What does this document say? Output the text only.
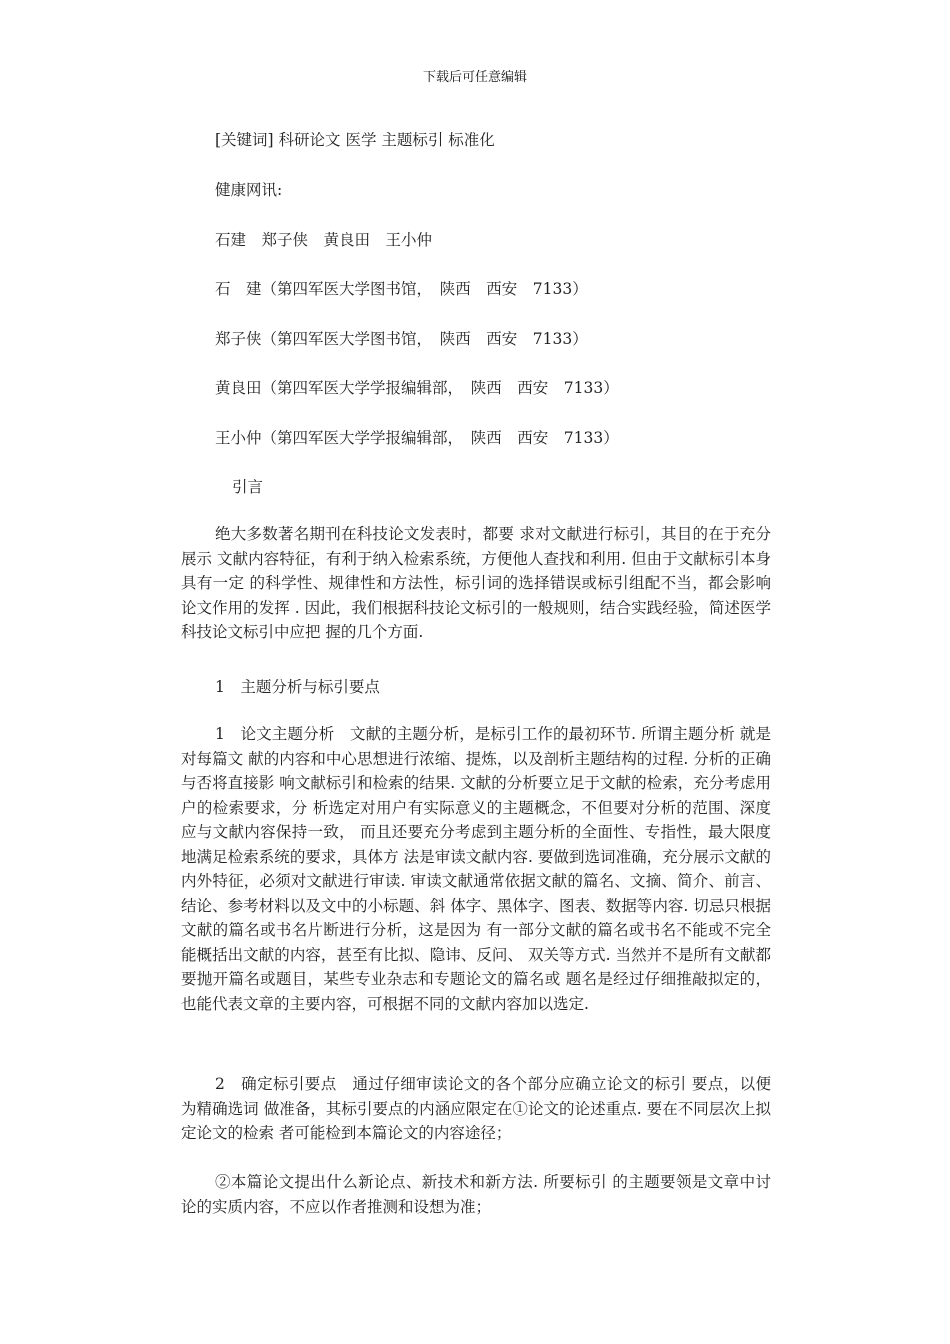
下载后可任意编辑
[关键词] 科研论文 医学 主题标引 标准化
健康网讯:
石建　郑子侠　黄良田　王小仲
石　建（第四军医大学图书馆，　陕西　西安　7133）
郑子侠（第四军医大学图书馆，　陕西　西安　7133）
黄良田（第四军医大学学报编辑部，　陕西　西安　7133）
王小仲（第四军医大学学报编辑部，　陕西　西安　7133）
引言
绝大多数著名期刊在科技论文发表时，都要 求对文献进行标引，其目的在于充分展示 文献内容特征，有利于纳入检索系统，方便他人查找和利用. 但由于文献标引本身具有一定 的科学性、规律性和方法性，标引词的选择错误或标引组配不当，都会影响论文作用的发挥 . 因此，我们根据科技论文标引的一般规则，结合实践经验，简述医学科技论文标引中应把 握的几个方面.
1　主题分析与标引要点
1　论文主题分析　文献的主题分析，是标引工作的最初环节. 所谓主题分析 就是对每篇文 献的内容和中心思想进行浓缩、提炼，以及剖析主题结构的过程. 分析的正确与否将直接影 响文献标引和检索的结果. 文献的分析要立足于文献的检索，充分考虑用户的检索要求，分 析选定对用户有实际意义的主题概念，不但要对分析的范围、深度应与文献内容保持一致， 而且还要充分考虑到主题分析的全面性、专指性，最大限度地满足检索系统的要求，具体方 法是审读文献内容. 要做到选词准确，充分展示文献的内外特征，必须对文献进行审读. 审读文献通常依据文献的篇名、文摘、简介、前言、结论、参考材料以及文中的小标题、斜 体字、黑体字、图表、数据等内容. 切忌只根据文献的篇名或书名片断进行分析，这是因为 有一部分文献的篇名或书名不能或不完全能概括出文献的内容，甚至有比拟、隐讳、反问、 双关等方式. 当然并不是所有文献都要抛开篇名或题目，某些专业杂志和专题论文的篇名或 题名是经过仔细推敲拟定的，也能代表文章的主要内容，可根据不同的文献内容加以选定.
2　确定标引要点　通过仔细审读论文的各个部分应确立论文的标引 要点，以便为精确选词 做准备，其标引要点的内涵应限定在①论文的论述重点. 要在不同层次上拟定论文的检索 者可能检到本篇论文的内容途径；
②本篇论文提出什么新论点、新技术和新方法. 所要标引 的主题要领是文章中讨论的实质内容，不应以作者推测和设想为准；
